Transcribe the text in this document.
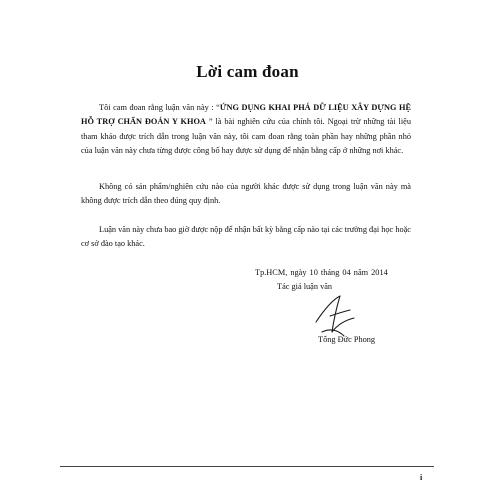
Lời cam đoan

Tôi cam đoan rằng luận văn này : “ỨNG DỤNG KHAI PHÁ DỮ LIỆU XÂY DỰNG HỆ HỖ TRỢ CHẨN ĐOÁN Y KHOA ” là bài nghiên cứu của chính tôi. Ngoại trừ những tài liệu tham khảo được trích dẫn trong luận văn này, tôi cam đoan rằng toàn phần hay những phần nhỏ của luận văn này chưa từng được công bố hay được sử dụng để nhận bằng cấp ở những nơi khác.

Không có sản phẩm/nghiên cứu nào của người khác được sử dụng trong luận văn này mà không được trích dẫn theo đúng quy định.

Luận văn này chưa bao giờ được nộp để nhận bất kỳ bằng cấp nào tại các trường đại học hoặc cơ sở đào tạo khác.

Tp.HCM, ngày 10 tháng 04 năm 2014
Tác giả luận văn
Tống Đức Phong
i
